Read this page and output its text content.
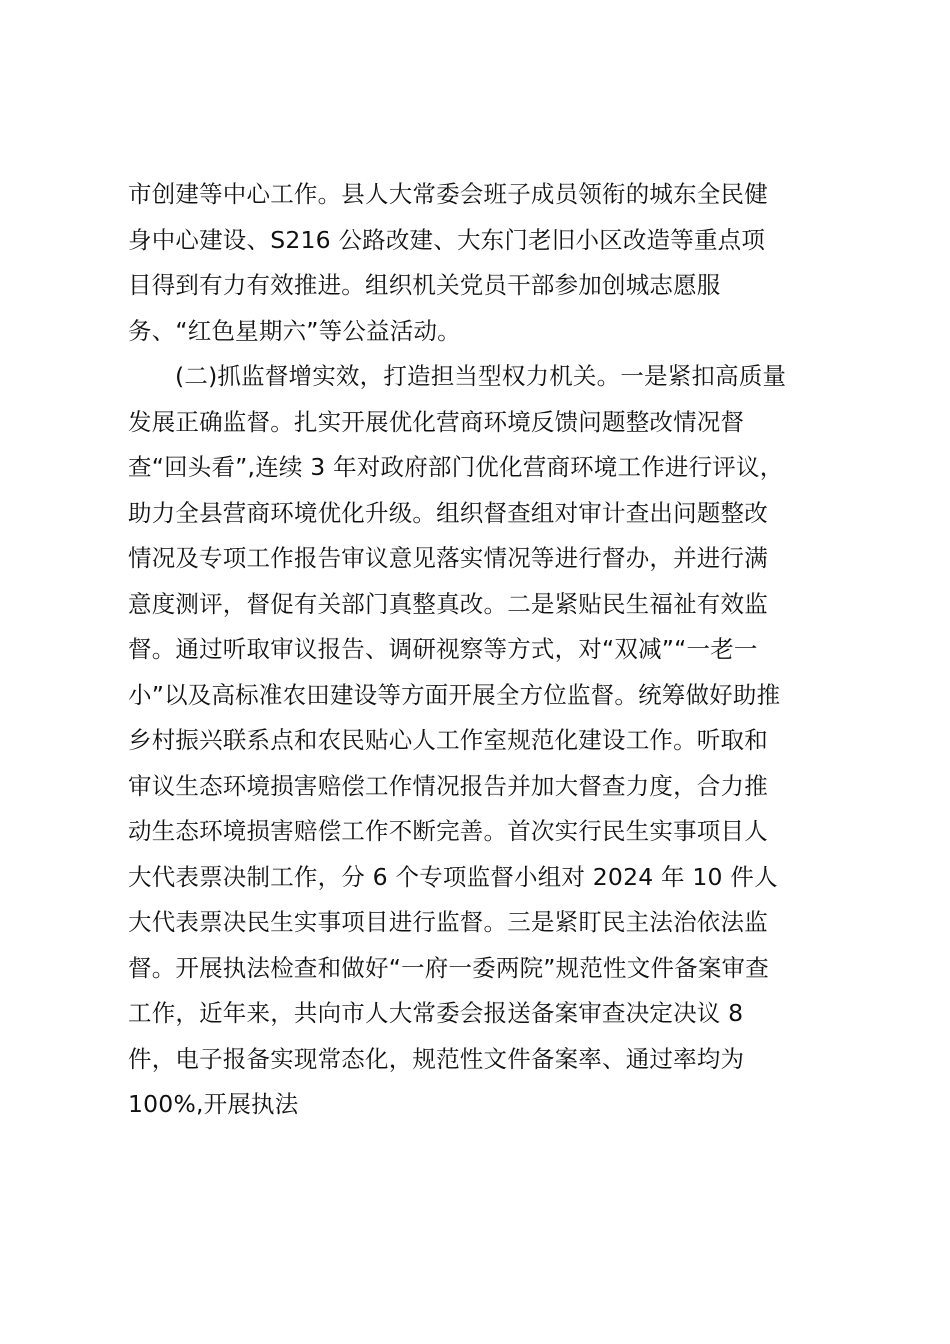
市创建等中心工作。县人大常委会班子成员领衔的城东全民健
身中心建设、S216 公路改建、大东门老旧小区改造等重点项
目得到有力有效推进。组织机关党员干部参加创城志愿服
务、“红色星期六”等公益活动。
(二)抓监督增实效，打造担当型权力机关。一是紧扣高质量
发展正确监督。扎实开展优化营商环境反馈问题整改情况督
查“回头看”,连续 3 年对政府部门优化营商环境工作进行评议，
助力全县营商环境优化升级。组织督查组对审计查出问题整改
情况及专项工作报告审议意见落实情况等进行督办，并进行满
意度测评，督促有关部门真整真改。二是紧贴民生福祉有效监
督。通过听取审议报告、调研视察等方式，对“双减”“一老一
小”以及高标准农田建设等方面开展全方位监督。统筹做好助推
乡村振兴联系点和农民贴心人工作室规范化建设工作。听取和
审议生态环境损害赔偿工作情况报告并加大督查力度，合力推
动生态环境损害赔偿工作不断完善。首次实行民生实事项目人
大代表票决制工作，分 6 个专项监督小组对 2024 年 10 件人
大代表票决民生实事项目进行监督。三是紧盯民主法治依法监
督。开展执法检查和做好“一府一委两院”规范性文件备案审查
工作，近年来，共向市人大常委会报送备案审查决定决议 8
件，电子报备实现常态化，规范性文件备案率、通过率均为
100%,开展执法
